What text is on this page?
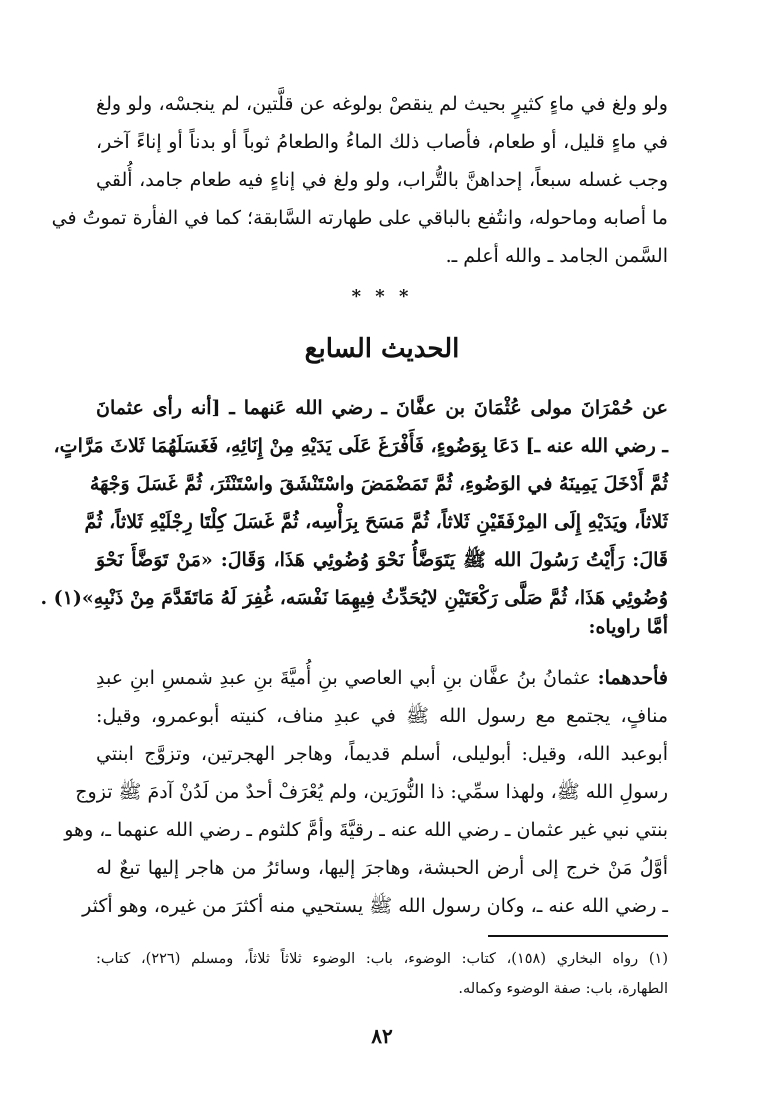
ولو ولغ في ماءٍ كثيرٍ بحيث لم ينقصْ بولوغه عن قلَّتين، لم ينجسْه، ولو ولغ
في ماءٍ قليل، أو طعام، فأصاب ذلك الماءُ والطعامُ ثوباً أو بدناً أو إناءً آخر،
وجب غسله سبعاً، إحداهنَّ بالتُّراب، ولو ولغ في إناءٍ فيه طعام جامد، أُلقي
ما أصابه وماحوله، وانتُفع بالباقي على طهارته السَّابقة؛ كما في الفأرة تموتُ في
السَّمن الجامد ـ والله أعلم ـ.
* * *
الحديث السابع
عن حُمْرَانَ مولى عُثْمَانَ بن عفَّانَ ـ رضي الله عَنهما ـ [أنه رأى عثمانَ
ـ رضي الله عنه ـ] دَعَا بِوَضُوءٍ، فَأَفْرَغَ عَلَى يَدَيْهِ مِنْ إِنَائِهِ، فَغَسَلَهُمَا ثَلاثَ مَرَّاتٍ،
ثُمَّ أَدْخَلَ يَمِينَهُ في الوَضُوءِ، ثُمَّ تَمَضْمَضَ واسْتَنْشَقَ واسْتَنْثَرَ، ثُمَّ غَسَلَ وَجْهَهُ
ثَلاثاً، ويَدَيْهِ إِلَى المِرْفَقَيْنِ ثَلاثاً، ثُمَّ مَسَحَ بِرَأْسِه، ثُمَّ غَسَلَ كِلْتَا رِجْلَيْهِ ثَلاثاً، ثُمَّ
قَالَ: رَأَيْتُ رَسُولَ الله ﷺ يَتَوَضَّأُ نَحْوَ وُضُوئِي هَذَا، وَقَالَ: «مَنْ تَوَضَّأَ نَحْوَ
وُضُوئِي هَذَا، ثُمَّ صَلَّى رَكْعَتَيْنِ لايُحَدِّثُ فِيهِمَا نَفْسَه، غُفِرَ لَهُ مَاتَقَدَّمَ مِنْ ذَنْبِهِ»(١) .
أمَّا راوياه:
فأحدهما: عثمانُ بنُ عفَّان بنِ أبي العاصي بنِ أُميَّةَ بنِ عبدِ شمسِ ابنِ عبدِ
منافٍ، يجتمع مع رسول الله ﷺ في عبدِ مناف، كنيته أبوعمرو، وقيل:
أبوعبد الله، وقيل: أبوليلى، أسلم قديماً، وهاجر الهجرتين، وتزوَّج ابنتي
رسولِ الله ﷺ، ولهذا سمِّي: ذا النُّورَين، ولم يُعْرَفْ أحدٌ من لَدُنْ آدمَ ﷺ تزوج
بنتي نبي غير عثمان ـ رضي الله عنه ـ رقيَّةَ وأمَّ كلثوم ـ رضي الله عنهما ـ، وهو
أوَّلُ مَنْ خرج إلى أرض الحبشة، وهاجرَ إليها، وسائرُ من هاجر إليها تبعٌ له
ـ رضي الله عنه ـ، وكان رسول الله ﷺ يستحيي منه أكثرَ من غيره، وهو أكثر
(١) رواه البخاري (١٥٨)، كتاب: الوضوء، باب: الوضوء ثلاثاً ثلاثاً، ومسلم (٢٢٦)، كتاب:
الطهارة، باب: صفة الوضوء وكماله.
٨٢
